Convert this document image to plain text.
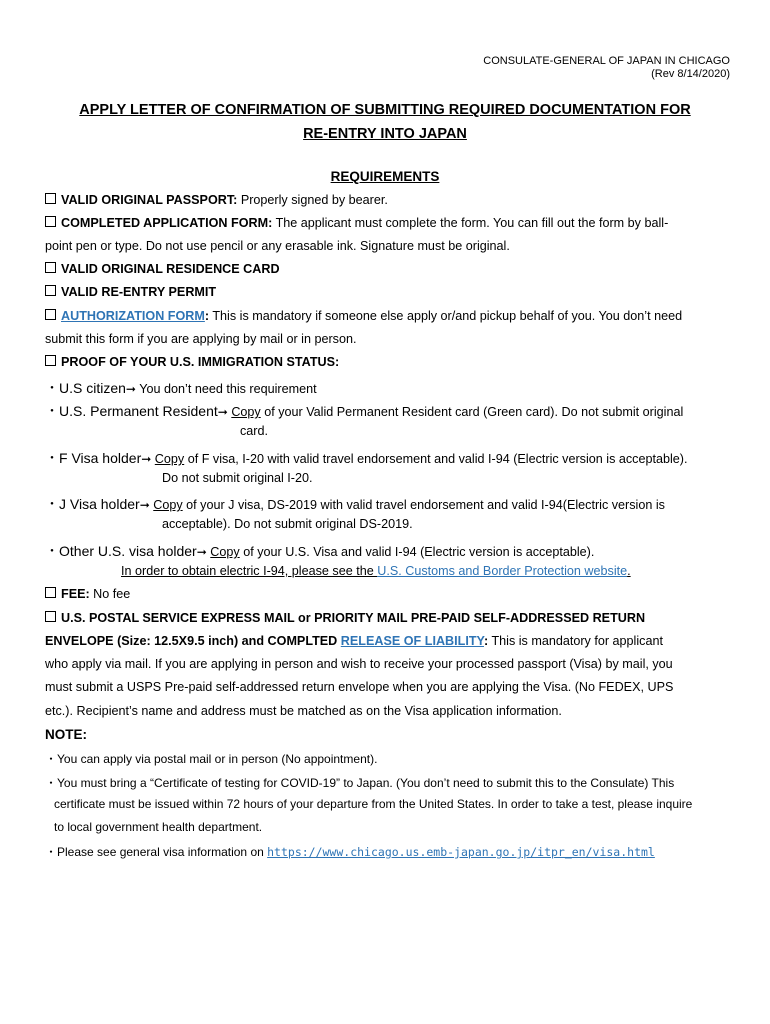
CONSULATE-GENERAL OF JAPAN IN CHICAGO
(Rev 8/14/2020)
APPLY LETTER OF CONFIRMATION OF SUBMITTING REQUIRED DOCUMENTATION FOR
RE-ENTRY INTO JAPAN
REQUIREMENTS
VALID ORIGINAL PASSPORT: Properly signed by bearer.
COMPLETED APPLICATION FORM: The applicant must complete the form. You can fill out the form by ball-
point pen or type. Do not use pencil or any erasable ink. Signature must be original.
VALID ORIGINAL RESIDENCE CARD
VALID RE-ENTRY PERMIT
AUTHORIZATION FORM: This is mandatory if someone else apply or/and pickup behalf of you. You don’t need
submit this form if you are applying by mail or in person.
PROOF OF YOUR U.S. IMMIGRATION STATUS:
・U.S citizen➞ You don’t need this requirement
・U.S. Permanent Resident➞ Copy of your Valid Permanent Resident card (Green card). Do not submit original
card.
・F Visa holder➞ Copy of F visa, I-20 with valid travel endorsement and valid I-94 (Electric version is acceptable).
Do not submit original I-20.
・J Visa holder➞ Copy of your J visa, DS-2019 with valid travel endorsement and valid I-94(Electric version is
acceptable). Do not submit original DS-2019.
・Other U.S. visa holder➞ Copy of your U.S. Visa and valid I-94 (Electric version is acceptable).
In order to obtain electric I-94, please see the U.S. Customs and Border Protection website.
FEE: No fee
U.S. POSTAL SERVICE EXPRESS MAIL or PRIORITY MAIL PRE-PAID SELF-ADDRESSED RETURN
ENVELOPE (Size: 12.5X9.5 inch) and COMPLTED RELEASE OF LIABILITY: This is mandatory for applicant
who apply via mail. If you are applying in person and wish to receive your processed passport (Visa) by mail, you
must submit a USPS Pre-paid self-addressed return envelope when you are applying the Visa. (No FEDEX, UPS
etc.). Recipient’s name and address must be matched as on the Visa application information.
NOTE:
・You can apply via postal mail or in person (No appointment).
・You must bring a “Certificate of testing for COVID-19” to Japan. (You don’t need to submit this to the Consulate) This
certificate must be issued within 72 hours of your departure from the United States. In order to take a test, please inquire
to local government health department.
・Please see general visa information on https://www.chicago.us.emb-japan.go.jp/itpr_en/visa.html
